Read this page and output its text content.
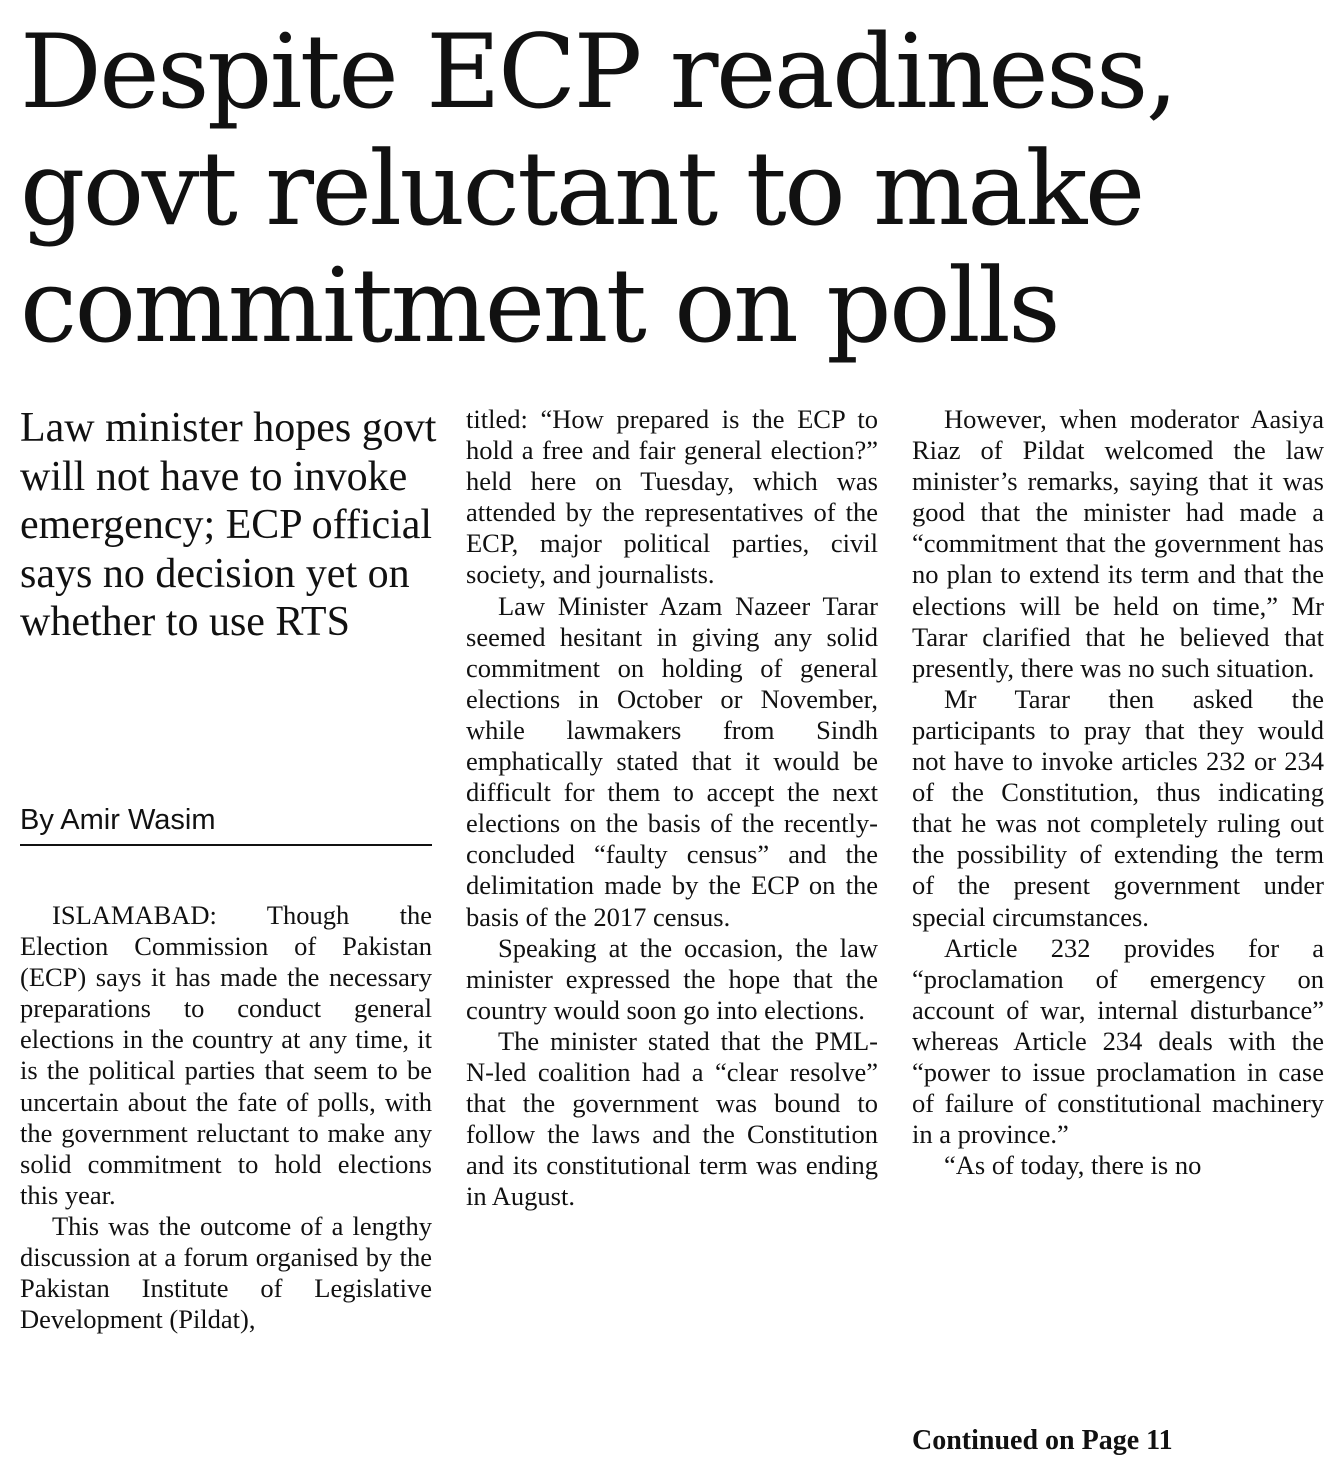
Despite ECP readiness, govt reluctant to make commitment on polls
Law minister hopes govt will not have to invoke emergency; ECP official says no decision yet on whether to use RTS
By Amir Wasim

ISLAMABAD: Though the Election Commission of Pakistan (ECP) says it has made the necessary preparations to conduct general elections in the country at any time, it is the political parties that seem to be uncertain about the fate of polls, with the government reluctant to make any solid commitment to hold elections this year.

This was the outcome of a lengthy discussion at a forum organised by the Pakistan Institute of Legislative Development (Pildat),

titled: “How prepared is the ECP to hold a free and fair general election?” held here on Tuesday, which was attended by the representatives of the ECP, major political parties, civil society, and journalists.

Law Minister Azam Nazeer Tarar seemed hesitant in giving any solid commitment on holding of general elections in October or November, while lawmakers from Sindh emphatically stated that it would be difficult for them to accept the next elections on the basis of the recently-concluded “faulty census” and the delimitation made by the ECP on the basis of the 2017 census.

Speaking at the occasion, the law minister expressed the hope that the country would soon go into elections.

The minister stated that the PML-N-led coalition had a “clear resolve” that the government was bound to follow the laws and the Constitution and its constitutional term was ending in August.

However, when moderator Aasiya Riaz of Pildat welcomed the law minister’s remarks, saying that it was good that the minister had made a “commitment that the government has no plan to extend its term and that the elections will be held on time,” Mr Tarar clarified that he believed that presently, there was no such situation.

Mr Tarar then asked the participants to pray that they would not have to invoke articles 232 or 234 of the Constitution, thus indicating that he was not completely ruling out the possibility of extending the term of the present government under special circumstances.

Article 232 provides for a “proclamation of emergency on account of war, internal disturbance” whereas Article 234 deals with the “power to issue proclamation in case of failure of constitutional machinery in a province.”

“As of today, there is no

Continued on Page 11
